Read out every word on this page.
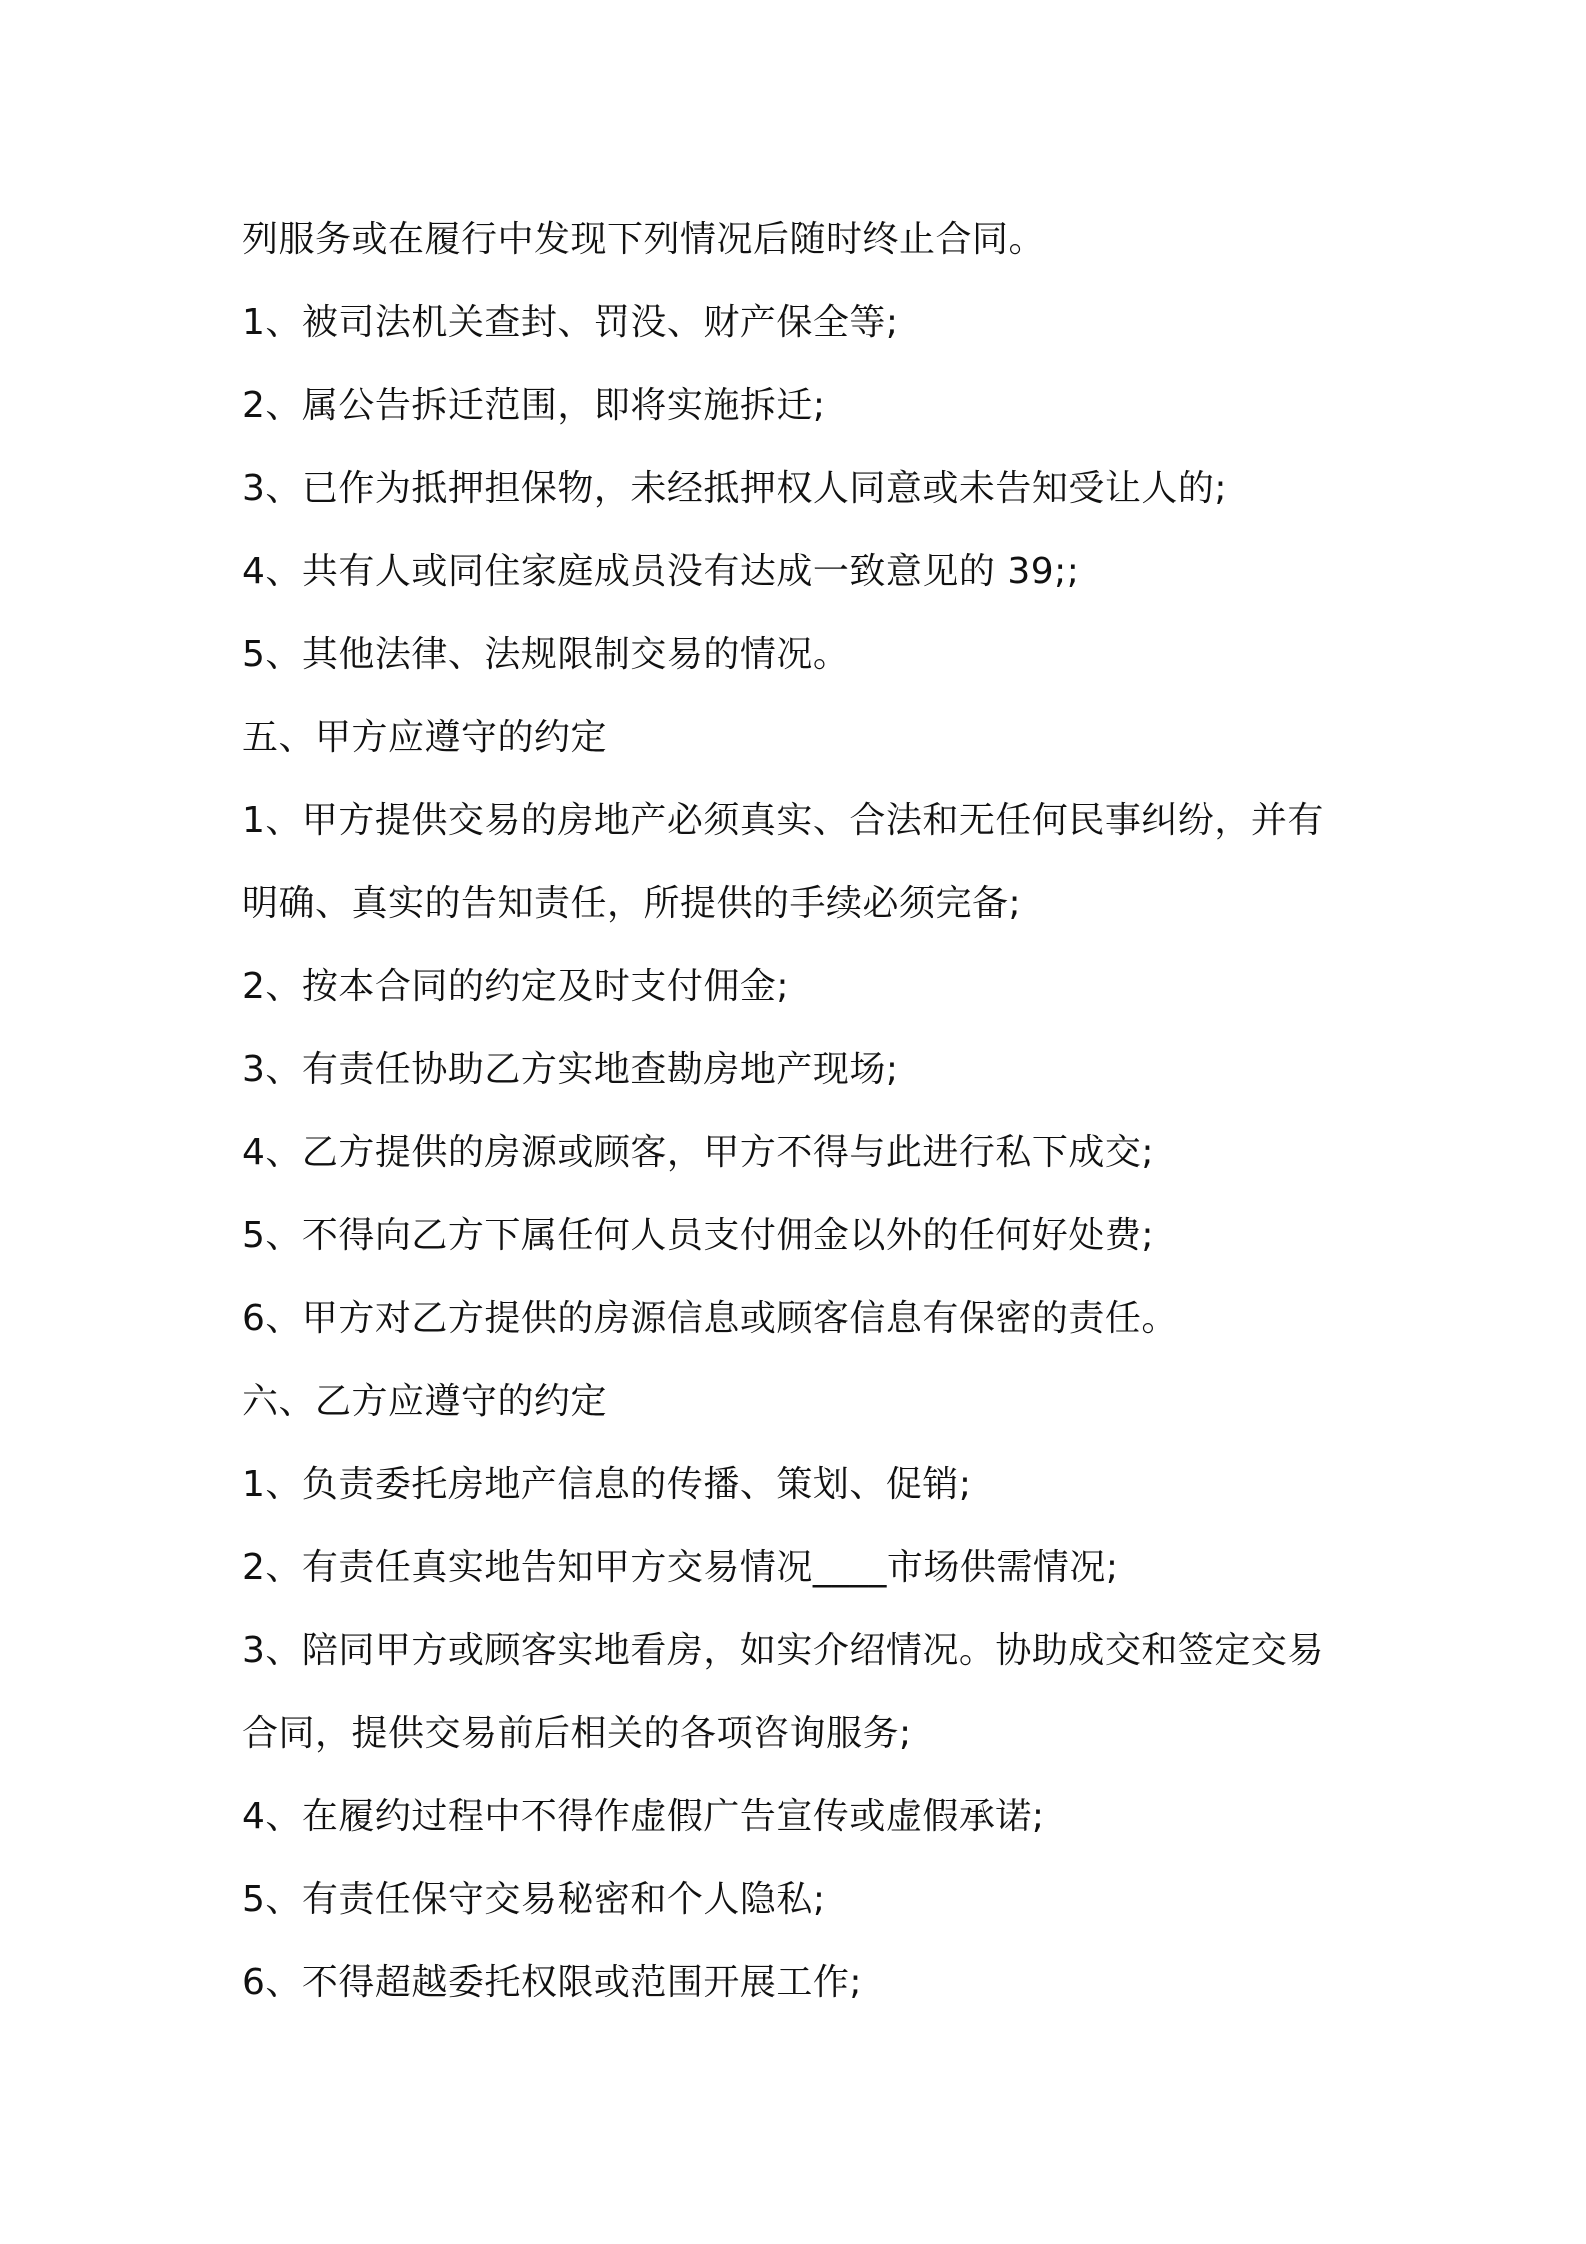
列服务或在履行中发现下列情况后随时终止合同。
1、被司法机关查封、罚没、财产保全等;
2、属公告拆迁范围，即将实施拆迁;
3、已作为抵押担保物，未经抵押权人同意或未告知受让人的;
4、共有人或同住家庭成员没有达成一致意见的 39;;
5、其他法律、法规限制交易的情况。
五、甲方应遵守的约定
1、甲方提供交易的房地产必须真实、合法和无任何民事纠纷，并有
明确、真实的告知责任，所提供的手续必须完备;
2、按本合同的约定及时支付佣金;
3、有责任协助乙方实地查勘房地产现场;
4、乙方提供的房源或顾客，甲方不得与此进行私下成交;
5、不得向乙方下属任何人员支付佣金以外的任何好处费;
6、甲方对乙方提供的房源信息或顾客信息有保密的责任。
六、乙方应遵守的约定
1、负责委托房地产信息的传播、策划、促销;
2、有责任真实地告知甲方交易情况____市场供需情况;
3、陪同甲方或顾客实地看房，如实介绍情况。协助成交和签定交易
合同，提供交易前后相关的各项咨询服务;
4、在履约过程中不得作虚假广告宣传或虚假承诺;
5、有责任保守交易秘密和个人隐私;
6、不得超越委托权限或范围开展工作;
